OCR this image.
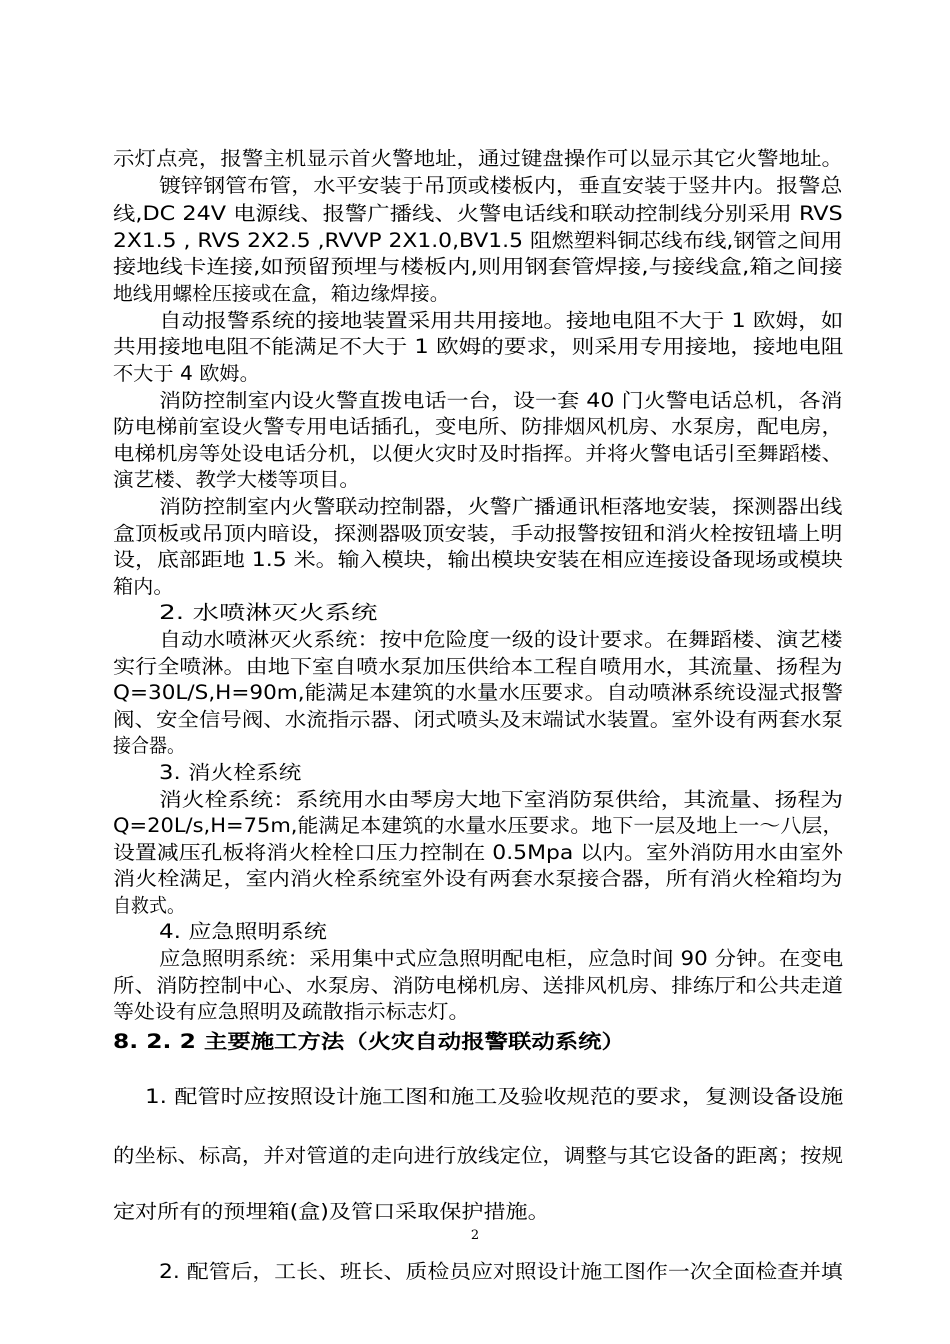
示灯点亮，报警主机显示首火警地址，通过键盘操作可以显示其它火警地址。
镀锌钢管布管，水平安装于吊顶或楼板内，垂直安装于竖井内。报警总
线,DC 24V 电源线、报警广播线、火警电话线和联动控制线分别采用 RVS
2X1.5 , RVS 2X2.5 ,RVVP 2X1.0,BV1.5 阻燃塑料铜芯线布线,钢管之间用
接地线卡连接,如预留预埋与楼板内,则用钢套管焊接,与接线盒,箱之间接
地线用螺栓压接或在盒，箱边缘焊接。
自动报警系统的接地装置采用共用接地。接地电阻不大于 1 欧姆，如
共用接地电阻不能满足不大于 1 欧姆的要求，则采用专用接地，接地电阻
不大于 4 欧姆。
消防控制室内设火警直拨电话一台，设一套 40 门火警电话总机，各消
防电梯前室设火警专用电话插孔，变电所、防排烟风机房、水泵房，配电房，
电梯机房等处设电话分机，以便火灾时及时指挥。并将火警电话引至舞蹈楼、
演艺楼、教学大楼等项目。
消防控制室内火警联动控制器，火警广播通讯柜落地安装，探测器出线
盒顶板或吊顶内暗设，探测器吸顶安装，手动报警按钮和消火栓按钮墙上明
设，底部距地 1.5 米。输入模块，输出模块安装在相应连接设备现场或模块
箱内。
2. 水喷淋灭火系统
自动水喷淋灭火系统：按中危险度一级的设计要求。在舞蹈楼、演艺楼
实行全喷淋。由地下室自喷水泵加压供给本工程自喷用水，其流量、扬程为
Q=30L/S,H=90m,能满足本建筑的水量水压要求。自动喷淋系统设湿式报警
阀、安全信号阀、水流指示器、闭式喷头及末端试水装置。室外设有两套水泵
接合器。
3. 消火栓系统
消火栓系统：系统用水由琴房大地下室消防泵供给，其流量、扬程为
Q=20L/s,H=75m,能满足本建筑的水量水压要求。地下一层及地上一～八层，
设置减压孔板将消火栓栓口压力控制在 0.5Mpa 以内。室外消防用水由室外
消火栓满足，室内消火栓系统室外设有两套水泵接合器，所有消火栓箱均为
自救式。
4. 应急照明系统
应急照明系统：采用集中式应急照明配电柜，应急时间 90 分钟。在变电
所、消防控制中心、水泵房、消防电梯机房、送排风机房、排练厅和公共走道
等处设有应急照明及疏散指示标志灯。
8. 2. 2 主要施工方法（火灾自动报警联动系统）
1. 配管时应按照设计施工图和施工及验收规范的要求，复测设备设施
的坐标、标高，并对管道的走向进行放线定位，调整与其它设备的距离；按规
定对所有的预埋箱(盒)及管口采取保护措施。
2. 配管后，工长、班长、质检员应对照设计施工图作一次全面检查并填
2
